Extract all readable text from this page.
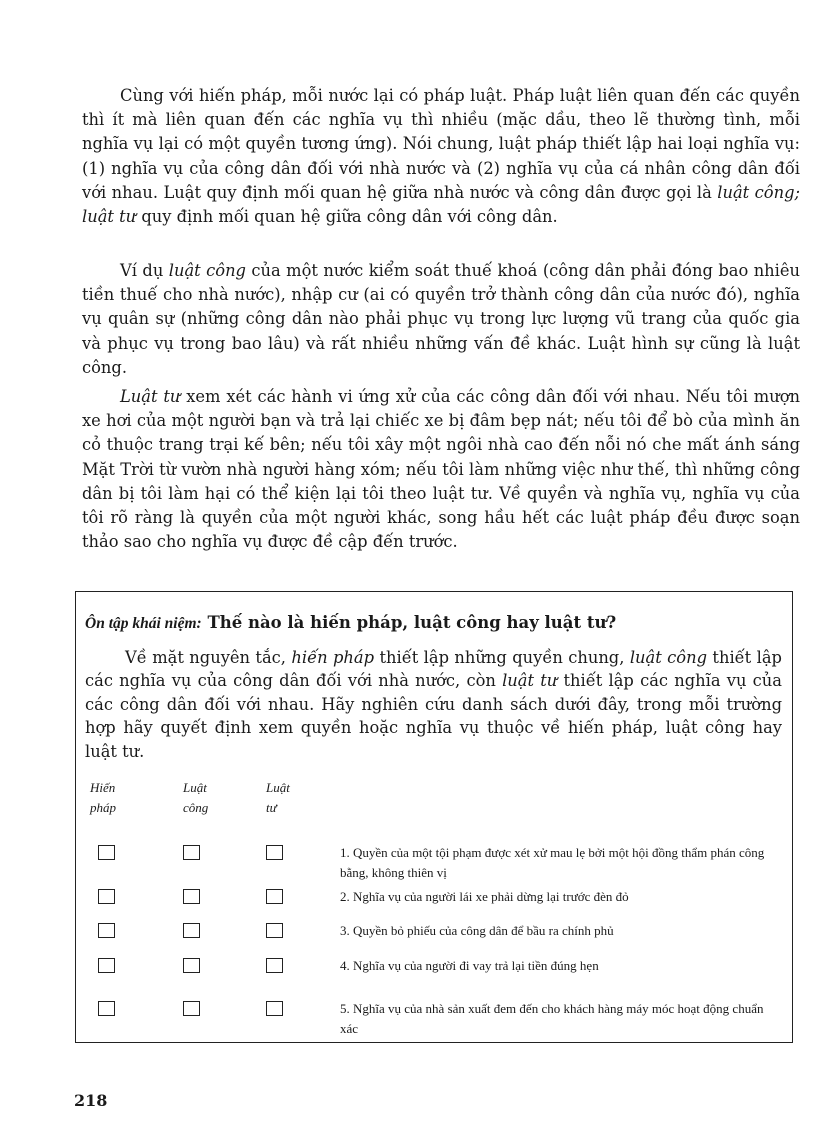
Cùng với hiến pháp, mỗi nước lại có pháp luật. Pháp luật liên quan đến các quyền thì ít mà liên quan đến các nghĩa vụ thì nhiều (mặc dầu, theo lẽ thường tình, mỗi nghĩa vụ lại có một quyền tương ứng). Nói chung, luật pháp thiết lập hai loại nghĩa vụ: (1) nghĩa vụ của công dân đối với nhà nước và (2) nghĩa vụ của cá nhân công dân đối với nhau. Luật quy định mối quan hệ giữa nhà nước và công dân được gọi là luật công; luật tư quy định mối quan hệ giữa công dân với công dân.

Ví dụ luật công của một nước kiểm soát thuế khoá (công dân phải đóng bao nhiêu tiền thuế cho nhà nước), nhập cư (ai có quyền trở thành công dân của nước đó), nghĩa vụ quân sự (những công dân nào phải phục vụ trong lực lượng vũ trang của quốc gia và phục vụ trong bao lâu) và rất nhiều những vấn đề khác. Luật hình sự cũng là luật công.

Luật tư xem xét các hành vi ứng xử của các công dân đối với nhau. Nếu tôi mượn xe hơi của một người bạn và trả lại chiếc xe bị đâm bẹp nát; nếu tôi để bò của mình ăn cỏ thuộc trang trại kế bên; nếu tôi xây một ngôi nhà cao đến nỗi nó che mất ánh sáng Mặt Trời từ vườn nhà người hàng xóm; nếu tôi làm những việc như thế, thì những công dân bị tôi làm hại có thể kiện lại tôi theo luật tư. Về quyền và nghĩa vụ, nghĩa vụ của tôi rõ ràng là quyền của một người khác, song hầu hết các luật pháp đều được soạn thảo sao cho nghĩa vụ được đề cập đến trước.

Ôn tập khái niệm: Thế nào là hiến pháp, luật công hay luật tư?

Về mặt nguyên tắc, hiến pháp thiết lập những quyền chung, luật công thiết lập các nghĩa vụ của công dân đối với nhà nước, còn luật tư thiết lập các nghĩa vụ của các công dân đối với nhau. Hãy nghiên cứu danh sách dưới đây, trong mỗi trường hợp hãy quyết định xem quyền hoặc nghĩa vụ thuộc về hiến pháp, luật công hay luật tư.

Hiến
pháp
Luật
công
Luật
tư

1. Quyền của một tội phạm được xét xử mau lẹ bởi một hội đồng thẩm phán công bằng, không thiên vị

2. Nghĩa vụ của người lái xe phải dừng lại trước đèn đỏ

3. Quyền bỏ phiếu của công dân để bầu ra chính phủ

4. Nghĩa vụ của người đi vay trả lại tiền đúng hẹn

5. Nghĩa vụ của nhà sản xuất đem đến cho khách hàng máy móc hoạt động chuẩn xác

218
